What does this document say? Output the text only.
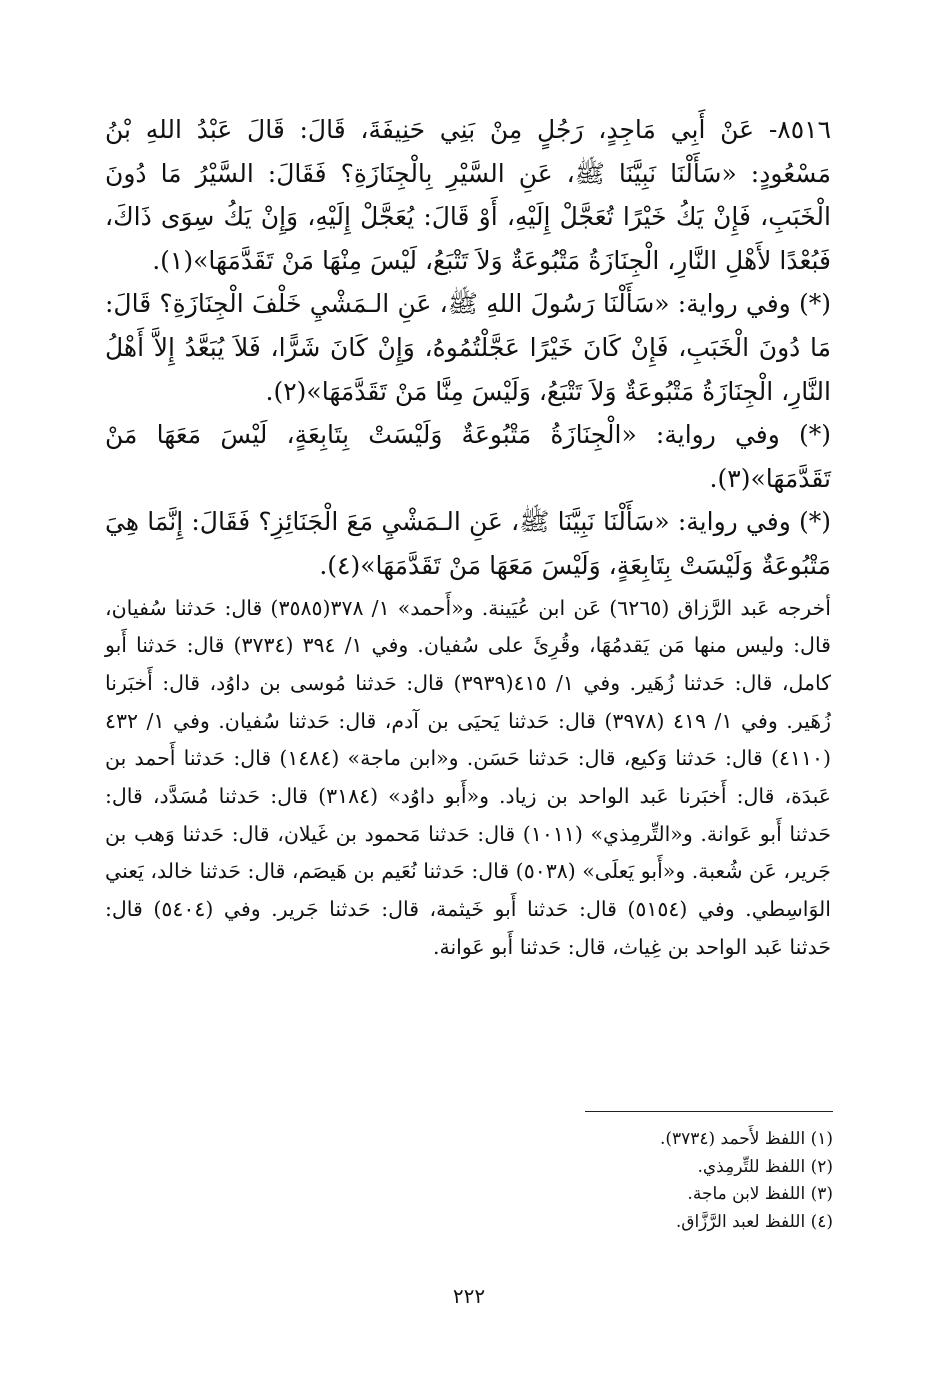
٨٥١٦- عَنْ أَبِي مَاجِدٍ، رَجُلٍ مِنْ بَنِي حَنِيفَةَ، قَالَ: قَالَ عَبْدُ اللهِ بْنُ مَسْعُودٍ: «سَأَلْنَا نَبِيَّنَا ﷺ، عَنِ السَّيْرِ بِالْجِنَازَةِ؟ فَقَالَ: السَّيْرُ مَا دُونَ الْخَبَبِ، فَإِنْ يَكُ خَيْرًا تُعَجَّلْ إِلَيْهِ، أَوْ قَالَ: يُعَجَّلْ إِلَيْهِ، وَإِنْ يَكُ سِوَى ذَاكَ، فَبُعْدًا لأَهْلِ النَّارِ، الْجِنَازَةُ مَتْبُوعَةٌ وَلاَ تَتْبَعُ، لَيْسَ مِنْهَا مَنْ تَقَدَّمَهَا»(١).

(*) وفي رواية: «سَأَلْنَا رَسُولَ اللهِ ﷺ، عَنِ الـمَشْيِ خَلْفَ الْجِنَازَةِ؟ قَالَ: مَا دُونَ الْخَبَبِ، فَإِنْ كَانَ خَيْرًا عَجَّلْتُمُوهُ، وَإِنْ كَانَ شَرًّا، فَلاَ يُبَعَّدُ إِلاَّ أَهْلُ النَّارِ، الْجِنَازَةُ مَتْبُوعَةٌ وَلاَ تَتْبَعُ، وَلَيْسَ مِنَّا مَنْ تَقَدَّمَهَا»(٢).

(*) وفي رواية: «الْجِنَازَةُ مَتْبُوعَةٌ وَلَيْسَتْ بِتَابِعَةٍ، لَيْسَ مَعَهَا مَنْ تَقَدَّمَهَا»(٣).

(*) وفي رواية: «سَأَلْنَا نَبِيَّنَا ﷺ، عَنِ الـمَشْيِ مَعَ الْجَنَائِزِ؟ فَقَالَ: إِنَّمَا هِيَ مَتْبُوعَةٌ وَلَيْسَتْ بِتَابِعَةٍ، وَلَيْسَ مَعَهَا مَنْ تَقَدَّمَهَا»(٤).

أخرجه عَبد الرَّزاق (٦٢٦٥) عَن ابن عُيَينة. و«أَحمد» ١/ ٣٧٨(٣٥٨٥) قال: حَدثنا سُفيان، قال: وليس منها مَن يَقدمُهَا، وقُرِئَ على سُفيان. وفي ١/ ٣٩٤ (٣٧٣٤) قال: حَدثنا أَبو كامل، قال: حَدثنا زُهَير. وفي ١/ ٤١٥(٣٩٣٩) قال: حَدثنا مُوسى بن داوُد، قال: أَخبَرنا زُهَير. وفي ١/ ٤١٩ (٣٩٧٨) قال: حَدثنا يَحيَى بن آدم، قال: حَدثنا سُفيان. وفي ١/ ٤٣٢ (٤١١٠) قال: حَدثنا وَكيع، قال: حَدثنا حَسَن. و«ابن ماجة» (١٤٨٤) قال: حَدثنا أَحمد بن عَبدَة، قال: أَخبَرنا عَبد الواحد بن زياد. و«أَبو داوُد» (٣١٨٤) قال: حَدثنا مُسَدَّد، قال: حَدثنا أَبو عَوانة. و«التِّرمِذي» (١٠١١) قال: حَدثنا مَحمود بن غَيلان، قال: حَدثنا وَهب بن جَرير، عَن شُعبة. و«أَبو يَعلَى» (٥٠٣٨) قال: حَدثنا نُعَيم بن هَيصَم، قال: حَدثنا خالد، يَعني الوَاسِطي. وفي (٥١٥٤) قال: حَدثنا أَبو خَيثمة، قال: حَدثنا جَرير. وفي (٥٤٠٤) قال: حَدثنا عَبد الواحد بن غِياث، قال: حَدثنا أَبو عَوانة.

(١) اللفظ لأَحمد (٣٧٣٤).
(٢) اللفظ للتِّرمِذي.
(٣) اللفظ لابن ماجة.
(٤) اللفظ لعبد الرَّزَّاق.
٢٢٢
